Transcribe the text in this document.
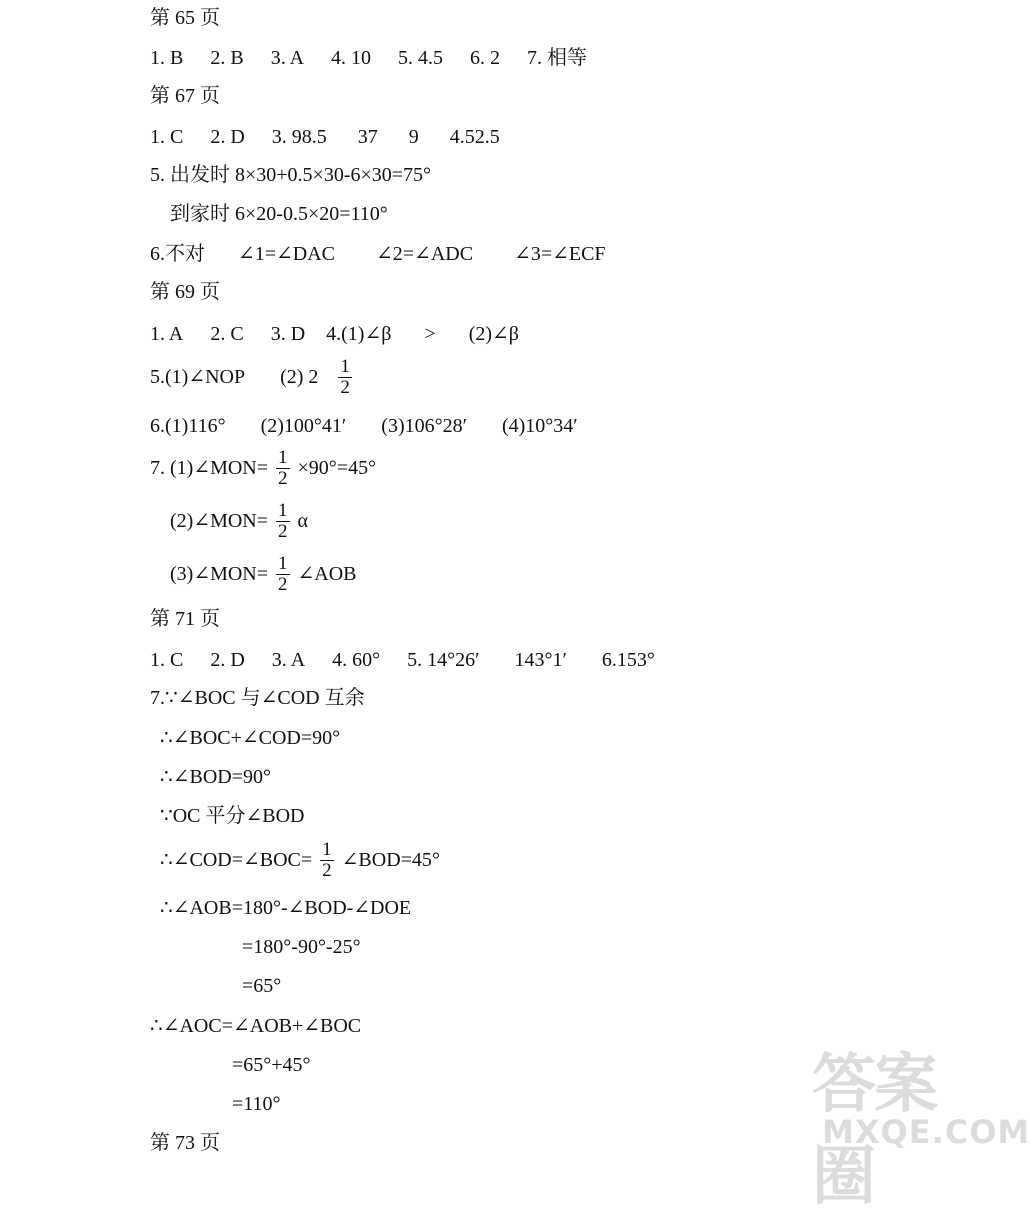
第 65 页
1. B 2. B 3. A 4. 10 5. 4.5 6. 2 7. 相等
第 67 页
1. C 2. D 3. 98.5 37 9 4.52.5
5. 出发时 8×30+0.5×30-6×30=75°
到家时 6×20-0.5×20=110°
6.不对 ∠1=∠DAC ∠2=∠ADC ∠3=∠ECF
第 69 页
1. A 2. C 3. D 4.(1)∠β > (2)∠β
5.(1)∠NOP (2) $2 \frac{1}{2}$
6.(1)116° (2)100°41′ (3)106°28′ (4)10°34′
7. (1)∠MON= $\frac{1}{2} \times 90^\circ=45^\circ$
(2)∠MON= $\frac{1}{2}$ α
(3)∠MON= $\frac{1}{2}$ ∠AOB
第 71 页
1. C 2. D 3. A 4. 60° 5. 14°26′ 143°1′ 6.153°
7.∵∠BOC 与∠COD 互余
∴∠BOC+∠COD=90°
∴∠BOD=90°
∵OC 平分∠BOD
∴∠COD=∠BOC= $\frac{1}{2}$ ∠BOD=45°
∴∠AOB=180°-∠BOD-∠DOE
=180°-90°-25°
=65°
∴∠AOC=∠AOB+∠BOC
=65°+45°
=110°
第 73 页
答案圈
MXQE.COM
